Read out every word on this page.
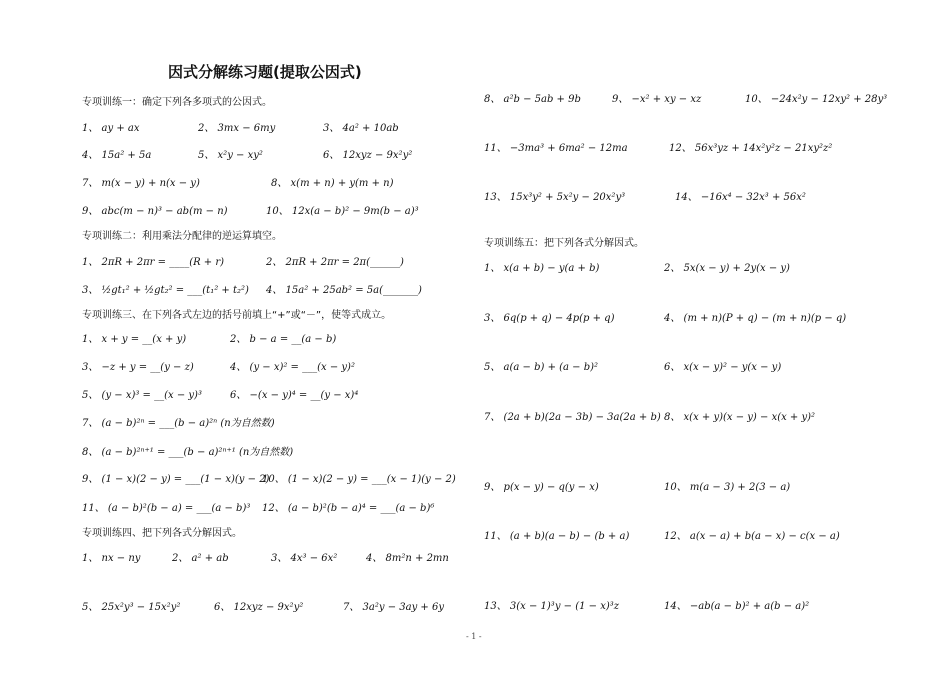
因式分解练习题(提取公因式)
专项训练一：确定下列各多项式的公因式。
1、 ay + ax	2、 3mx − 6my	3、 4a² + 10ab
4、 15a² + 5a	5、 x²y − xy²	6、 12xyz − 9x²y²
7、 m(x − y) + n(x − y)	8、 x(m + n) + y(m + n)
9、 abc(m − n)³ − ab(m − n)	10、 12x(a − b)² − 9m(b − a)³
专项训练二：利用乘法分配律的逆运算填空。
1、 2πR + 2πr = ____(R + r)	2、 2πR + 2πr = 2π(______)
3、 ½gt₁² + ½gt₂² = ___(t₁² + t₂²) 4、 15a² + 25ab² = 5a(_______)
专项训练三、在下列各式左边的括号前填上“+”或“－”，使等式成立。
1、 x + y = __(x + y)	2、 b − a = __(a − b)
3、 −z + y = __(y − z)	4、 (y − x)² = ___(x − y)²
5、 (y − x)³ = __(x − y)³	6、 −(x − y)⁴ = __(y − x)⁴
7、 (a − b)²ⁿ = ___(b − a)²ⁿ (n为自然数)
8、 (a − b)²ⁿ⁺¹ = ___(b − a)²ⁿ⁺¹ (n为自然数)
9、 (1 − x)(2 − y) = ___(1 − x)(y − 2)
10、 (1 − x)(2 − y) = ___(x − 1)(y − 2)
11、 (a − b)²(b − a) = ___(a − b)³ 12、 (a − b)²(b − a)⁴ = ___(a − b)⁶
专项训练四、把下列各式分解因式。
1、 nx − ny	2、 a² + ab	3、 4x³ − 6x²	4、 8m²n + 2mn
5、 25x²y³ − 15x²y²	6、 12xyz − 9x²y²	7、 3a²y − 3ay + 6y
8、 a²b − 5ab + 9b	9、 −x² + xy − xz	10、 −24x²y − 12xy² + 28y³
11、 −3ma³ + 6ma² − 12ma	12、 56x³yz + 14x²y²z − 21xy²z²
13、 15x³y² + 5x²y − 20x²y³	14、 −16x⁴ − 32x³ + 56x²
专项训练五：把下列各式分解因式。
1、 x(a + b) − y(a + b)	2、 5x(x − y) + 2y(x − y)
3、 6q(p + q) − 4p(p + q)	4、 (m + n)(P + q) − (m + n)(p − q)
5、 a(a − b) + (a − b)²	6、 x(x − y)² − y(x − y)
7、 (2a + b)(2a − 3b) − 3a(2a + b) 8、 x(x + y)(x − y) − x(x + y)²
9、 p(x − y) − q(y − x)	10、 m(a − 3) + 2(3 − a)
11、 (a + b)(a − b) − (b + a)	12、 a(x − a) + b(a − x) − c(x − a)
13、 3(x − 1)³y − (1 − x)³z	14、 −ab(a − b)² + a(b − a)²
- 1 -
